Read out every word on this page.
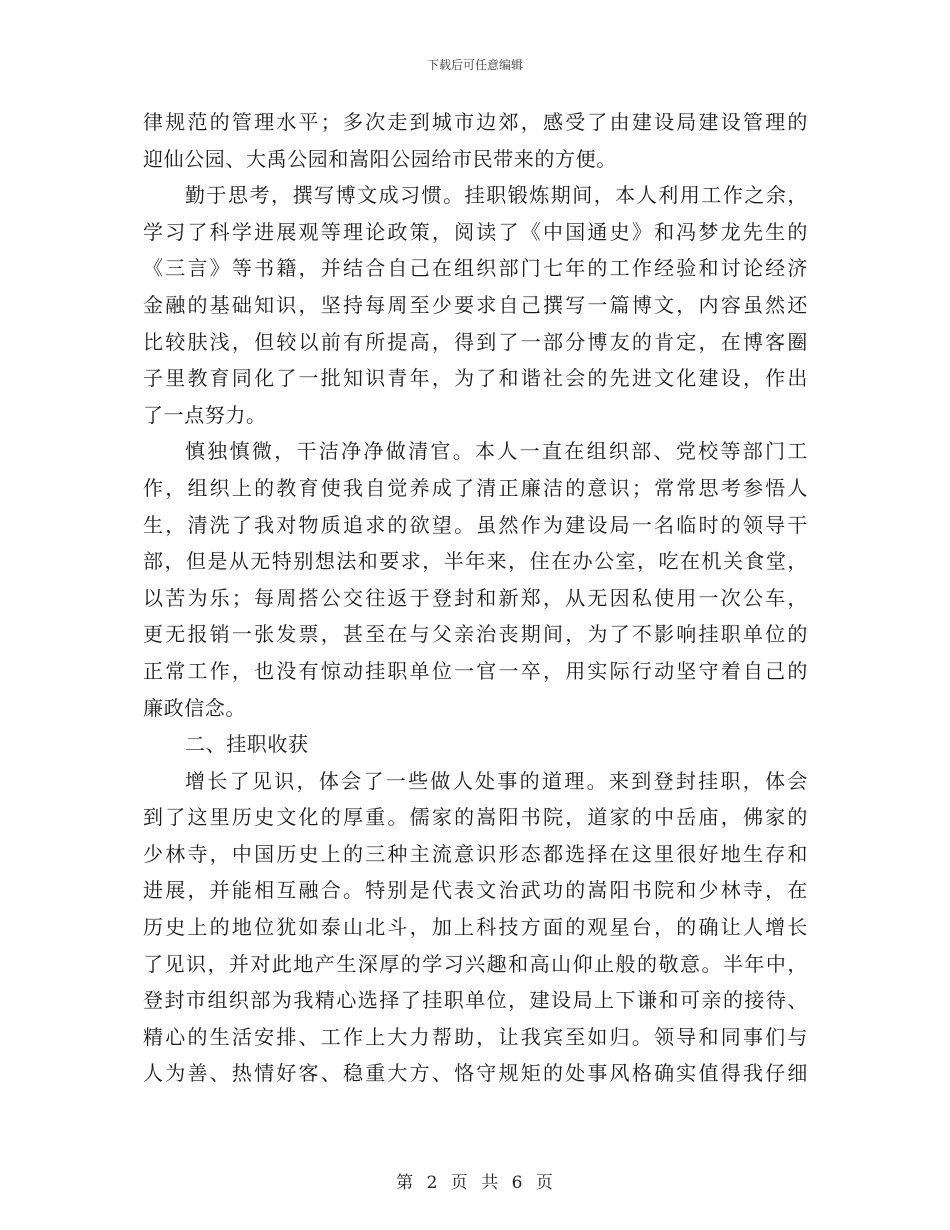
下载后可任意编辑
律规范的管理水平；多次走到城市边郊，感受了由建设局建设管理的
迎仙公园、大禹公园和嵩阳公园给市民带来的方便。
勤于思考，撰写博文成习惯。挂职锻炼期间，本人利用工作之余，
学习了科学进展观等理论政策，阅读了《中国通史》和冯梦龙先生的
《三言》等书籍，并结合自己在组织部门七年的工作经验和讨论经济
金融的基础知识，坚持每周至少要求自己撰写一篇博文，内容虽然还
比较肤浅，但较以前有所提高，得到了一部分博友的肯定，在博客圈
子里教育同化了一批知识青年，为了和谐社会的先进文化建设，作出
了一点努力。
慎独慎微，干洁净净做清官。本人一直在组织部、党校等部门工
作，组织上的教育使我自觉养成了清正廉洁的意识；常常思考参悟人
生，清洗了我对物质追求的欲望。虽然作为建设局一名临时的领导干
部，但是从无特别想法和要求，半年来，住在办公室，吃在机关食堂，
以苦为乐；每周搭公交往返于登封和新郑，从无因私使用一次公车，
更无报销一张发票，甚至在与父亲治丧期间，为了不影响挂职单位的
正常工作，也没有惊动挂职单位一官一卒，用实际行动坚守着自己的
廉政信念。
二、挂职收获
增长了见识，体会了一些做人处事的道理。来到登封挂职，体会
到了这里历史文化的厚重。儒家的嵩阳书院，道家的中岳庙，佛家的
少林寺，中国历史上的三种主流意识形态都选择在这里很好地生存和
进展，并能相互融合。特别是代表文治武功的嵩阳书院和少林寺，在
历史上的地位犹如泰山北斗，加上科技方面的观星台，的确让人增长
了见识，并对此地产生深厚的学习兴趣和高山仰止般的敬意。半年中，
登封市组织部为我精心选择了挂职单位，建设局上下谦和可亲的接待、
精心的生活安排、工作上大力帮助，让我宾至如归。领导和同事们与
人为善、热情好客、稳重大方、恪守规矩的处事风格确实值得我仔细
第 2 页 共 6 页
